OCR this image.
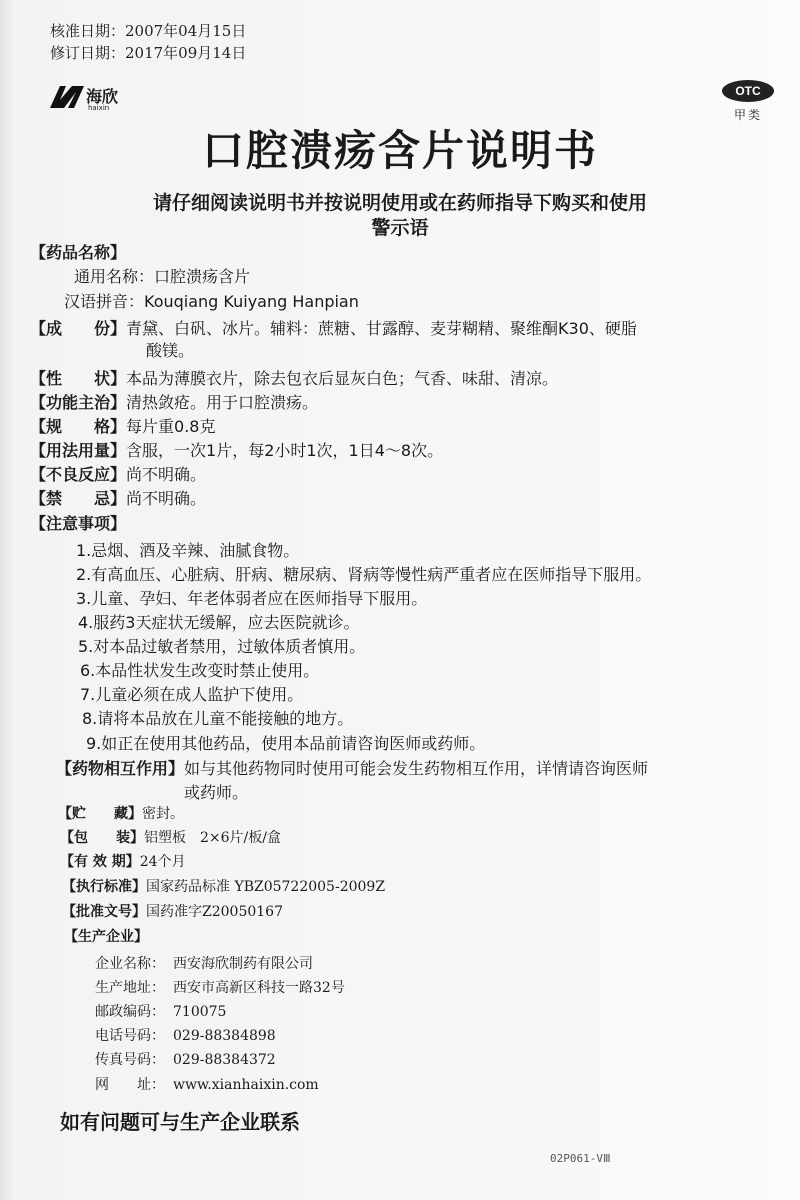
核准日期：2007年04月15日
修订日期：2017年09月14日
海欣
haixin
OTC
甲类
口腔溃疡含片说明书
请仔细阅读说明书并按说明使用或在药师指导下购买和使用
警示语
【药品名称】
通用名称：口腔溃疡含片
汉语拼音：Kouqiang Kuiyang Hanpian
【成　　份】青黛、白矾、冰片。辅料：蔗糖、甘露醇、麦芽糊精、聚维酮K30、硬脂
酸镁。
【性　　状】本品为薄膜衣片，除去包衣后显灰白色；气香、味甜、清凉。
【功能主治】清热敛疮。用于口腔溃疡。
【规　　格】每片重0.8克
【用法用量】含服，一次1片，每2小时1次，1日4～8次。
【不良反应】尚不明确。
【禁　　忌】尚不明确。
【注意事项】
1.忌烟、酒及辛辣、油腻食物。
2.有高血压、心脏病、肝病、糖尿病、肾病等慢性病严重者应在医师指导下服用。
3.儿童、孕妇、年老体弱者应在医师指导下服用。
4.服药3天症状无缓解，应去医院就诊。
5.对本品过敏者禁用，过敏体质者慎用。
6.本品性状发生改变时禁止使用。
7.儿童必须在成人监护下使用。
8.请将本品放在儿童不能接触的地方。
9.如正在使用其他药品，使用本品前请咨询医师或药师。
【药物相互作用】如与其他药物同时使用可能会发生药物相互作用，详情请咨询医师
或药师。
【贮　　藏】密封。
【包　　装】铝塑板　2×6片/板/盒
【有 效 期】24个月
【执行标准】国家药品标准 YBZ05722005-2009Z
【批准文号】国药准字Z20050167
【生产企业】
企业名称： 西安海欣制药有限公司
生产地址： 西安市高新区科技一路32号
邮政编码： 710075
电话号码： 029-88384898
传真号码： 029-88384372
网　　址： www.xianhaixin.com
如有问题可与生产企业联系
02P061-VⅢ
